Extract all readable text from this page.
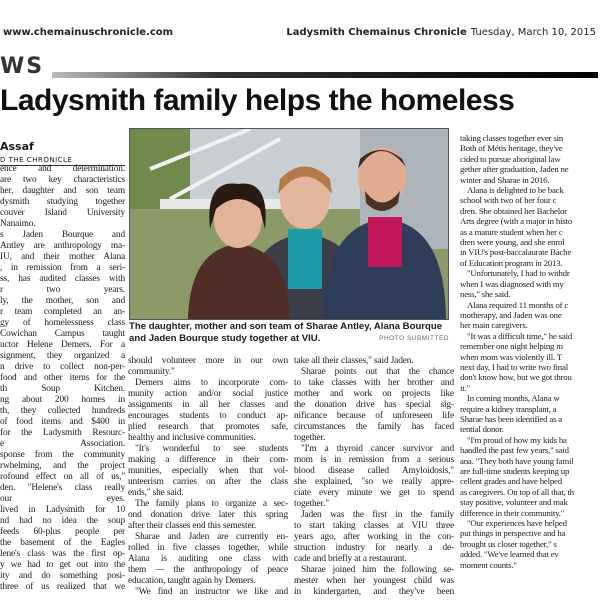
www.chemainuschronicle.com	Ladysmith Chemainus Chronicle Tuesday, March 10, 2015
WS
Ladysmith family helps the homeless
Assaf
D THE CHRONICLE
The daughter, mother and son team of Sharae Antley, Alana Bourque and Jaden Bourque study together at VIU.	PHOTO SUBMITTED
ence and determination.
are two key characteristics
her, daughter and son team
dysmith studying together
couver Island University
Nanaimo.
s Jaden Bourque and
Antley are anthropology ma-
IU, and their mother Alana
, in remission from a seri-
ss, has audited classes with
r two years.
ly, the mother, son and
r team completed an an-
gy of homelessness class
Cowichan Campus taught
uctor Helene Demers. For a
signment, they organized a
n drive to collect non-per-
food and other items for the
th Soup Kitchen.
ng about 200 homes in
th, they collected hundreds
of food items and $400 in
for the Ladysmith Resourc-
e Association.
sponse from the community
rwhelming, and the project
rofound effect on all of us,"
den. "Helene's class really
our eyes.
lived in Ladysmith for 10
nd had no idea the soup
feeds 60-plus people per
the basement of the Eagles
lene's class was the first op-
y we had to get out into the
ity and do something posi-
three of us realized that we
should volunteer more in our own
community."
Demers aims to incorporate com-
munity action and/or social justice
assignments in all her classes and
encourages students to conduct ap-
plied research that promotes safe,
healthy and inclusive communities.
"It's wonderful to see students
making a difference in their com-
munities, especially when that vol-
unteerism carries on after the class
ends," she said.
The family plans to organize a sec-
ond donation drive later this spring
after their classes end this semester.
Sharae and Jaden are currently en-
rolled in five classes together, while
Alana is auditing one class with
them — the anthropology of peace
education, taught again by Demers.
"We find an instructor we like and
take all their classes," said Jaden.
Sharae points out that the chance
to take classes with her brother and
mother and work on projects like
the donation drive has special sig-
nificance because of unforeseen life
circumstances the family has faced
together.
"I'm a thyroid cancer survivor and
mom is in remission from a serious
blood disease called Amyloidosis,"
she explained, "so we really appre-
ciate every minute we get to spend
together."
Jaden was the first in the family
to start taking classes at VIU three
years ago, after working in the con-
struction industry for nearly a de-
cade and briefly at a restaurant.
Sharae joined him the following se-
mester when her youngest child was
in kindergarten, and they've been
taking classes together ever sin
Both of Métis heritage, they've
cided to pursue aboriginal law
gether after graduation, Jaden ne
winter and Sharae in 2016.
Alana is delighted to be back
school with two of her four c
dren. She obtained her Bachelor
Arts degree (with a major in histo
as a mature student when her c
dren were young, and she enrol
in VIU's post-baccalaurate Bache
of Education program in 2013.
"Unfortunately, I had to withdr
when I was diagnosed with my
ness," she said.
Alana required 11 months of c
motherapy, and Jaden was one
her main caregivers.
"It was a difficult time," he said
remember one night helping m
when mom was violently ill. T
next day, I had to write two final
don't know how, but we got throu
it."
In coming months, Alana w
require a kidney transplant, a
Sharae has been identified as a
tential donor.
"I'm proud of how my kids ha
handled the past few years," said
ana. "They both have young famil
are full-time students keeping up
cellent grades and have helped
as caregivers. On top of all that, th
stay positive, volunteer and mak
difference in their community."
"Our experiences have helped
put things in perspective and ha
brought us closer together," s
added. "We've learned that ev
moment counts."
